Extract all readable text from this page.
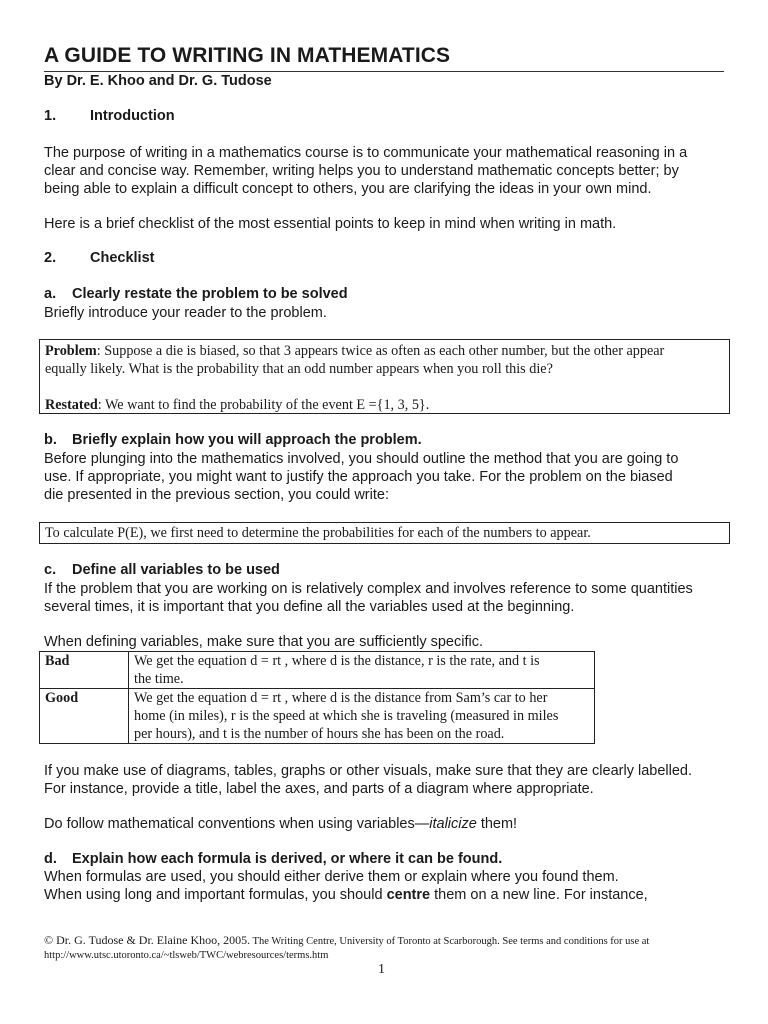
A GUIDE TO WRITING IN MATHEMATICS
By Dr. E. Khoo and Dr. G. Tudose
1. Introduction
The purpose of writing in a mathematics course is to communicate your mathematical reasoning in a
clear and concise way. Remember, writing helps you to understand mathematic concepts better; by
being able to explain a difficult concept to others, you are clarifying the ideas in your own mind.
Here is a brief checklist of the most essential points to keep in mind when writing in math.
2. Checklist
a. Clearly restate the problem to be solved
Briefly introduce your reader to the problem.
Problem: Suppose a die is biased, so that 3 appears twice as often as each other number, but the other appear
equally likely. What is the probability that an odd number appears when you roll this die?
Restated: We want to find the probability of the event E ={1, 3, 5}.
b. Briefly explain how you will approach the problem.
Before plunging into the mathematics involved, you should outline the method that you are going to
use. If appropriate, you might want to justify the approach you take. For the problem on the biased
die presented in the previous section, you could write:
To calculate P(E), we first need to determine the probabilities for each of the numbers to appear.
c. Define all variables to be used
If the problem that you are working on is relatively complex and involves reference to some quantities
several times, it is important that you define all the variables used at the beginning.
When defining variables, make sure that you are sufficiently specific.
Bad	We get the equation d = rt , where d is the distance, r is the rate, and t is
the time.

Good	We get the equation d = rt , where d is the distance from Sam’s car to her
home (in miles), r is the speed at which she is traveling (measured in miles
per hours), and t is the number of hours she has been on the road.
If you make use of diagrams, tables, graphs or other visuals, make sure that they are clearly labelled.
For instance, provide a title, label the axes, and parts of a diagram where appropriate.
Do follow mathematical conventions when using variables—italicize them!
d. Explain how each formula is derived, or where it can be found.
When formulas are used, you should either derive them or explain where you found them.
When using long and important formulas, you should centre them on a new line. For instance,
© Dr. G. Tudose & Dr. Elaine Khoo, 2005. The Writing Centre, University of Toronto at Scarborough. See terms and conditions for use at
http://www.utsc.utoronto.ca/~tlsweb/TWC/webresources/terms.htm
1
